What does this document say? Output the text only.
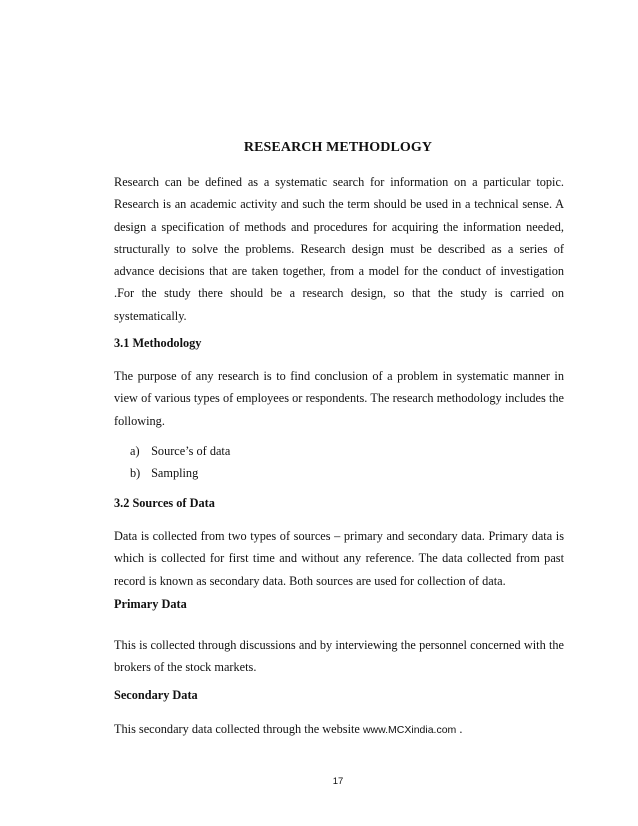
RESEARCH METHODLOGY

Research can be defined as a systematic search for information on a particular topic. Research is an academic activity and such the term should be used in a technical sense. A design a specification of methods and procedures for acquiring the information needed, structurally to solve the problems. Research design must be described as a series of advance decisions that are taken together, from a model for the conduct of investigation .For the study there should be a research design, so that the study is carried on systematically.

3.1 Methodology

The purpose of any research is to find conclusion of a problem in systematic manner in view of various types of employees or respondents. The research methodology includes the following.

a) Source’s of data
b) Sampling
3.2 Sources of Data

Data is collected from two types of sources – primary and secondary data. Primary data is which is collected for first time and without any reference. The data collected from past record is known as secondary data. Both sources are used for collection of data.

Primary Data

This is collected through discussions and by interviewing the personnel concerned with the brokers of the stock markets.

Secondary Data

This secondary data collected through the website www.MCXindia.com .

17
